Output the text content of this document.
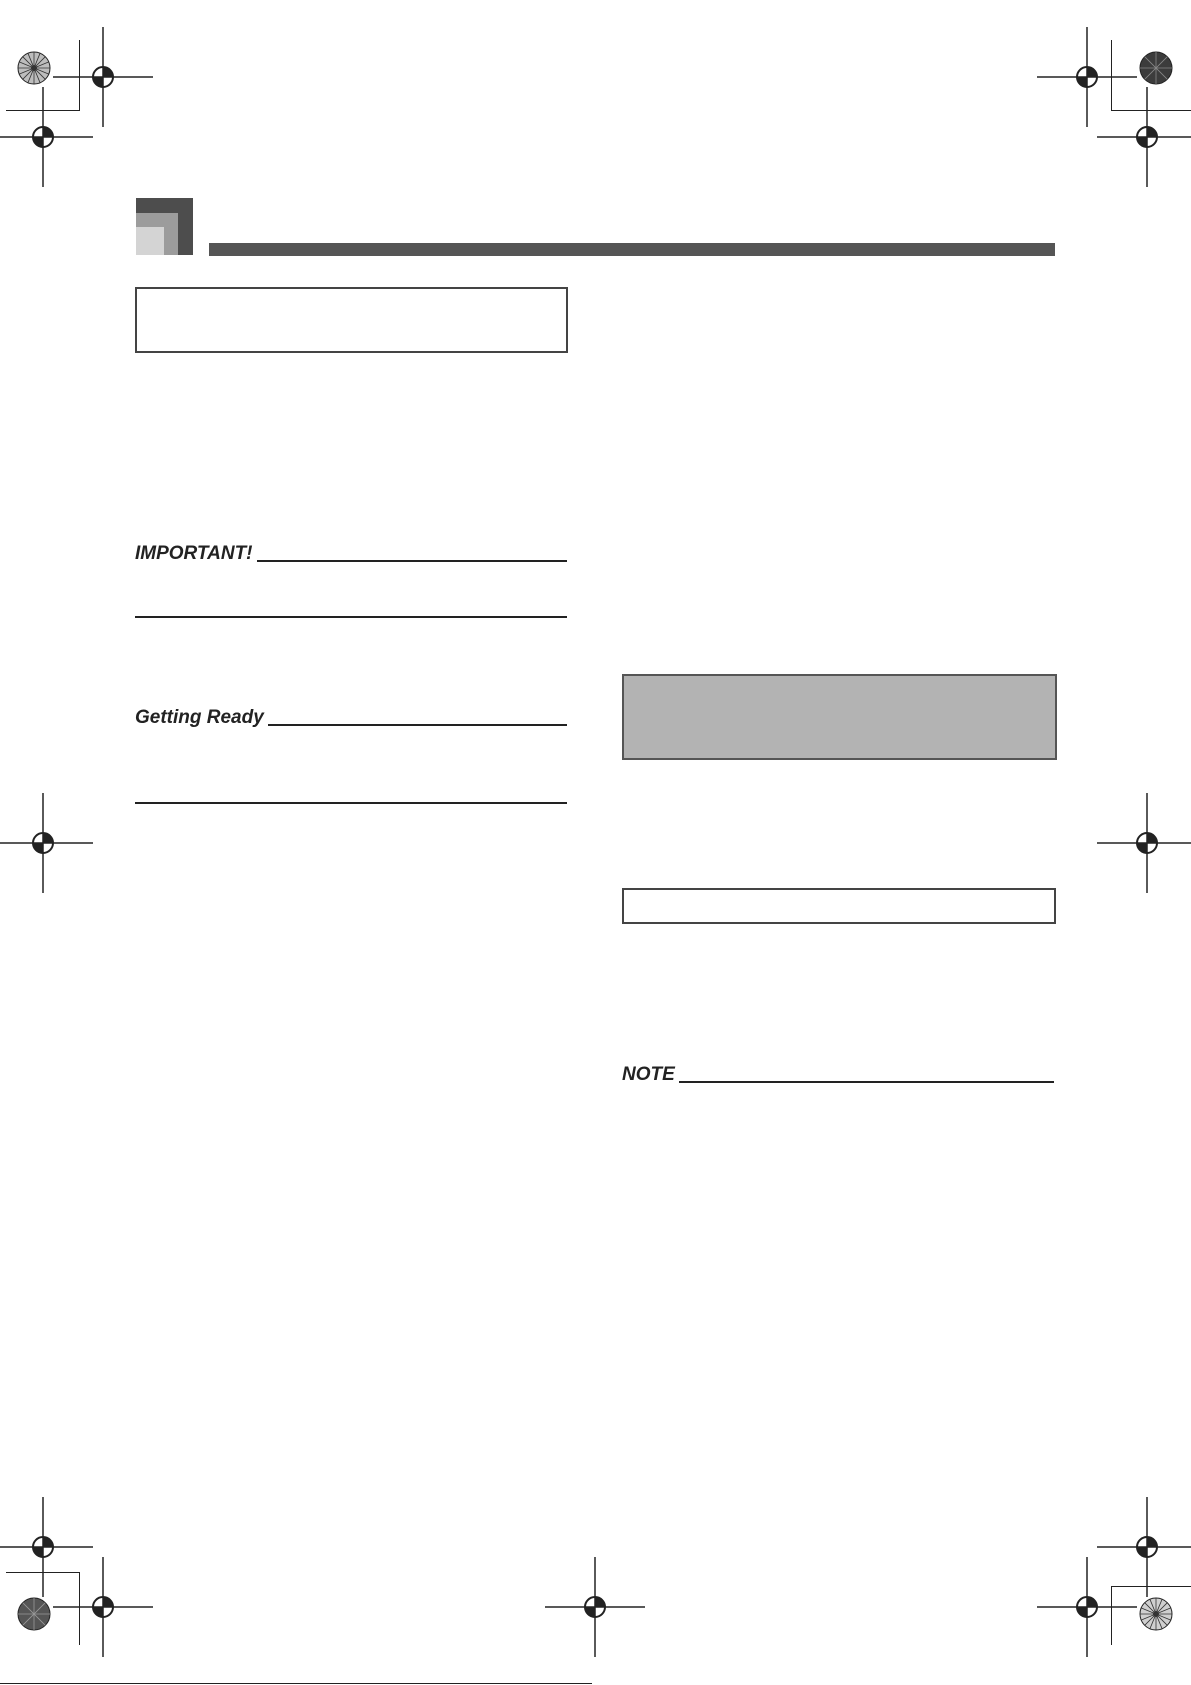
IMPORTANT!
Getting Ready
NOTE
